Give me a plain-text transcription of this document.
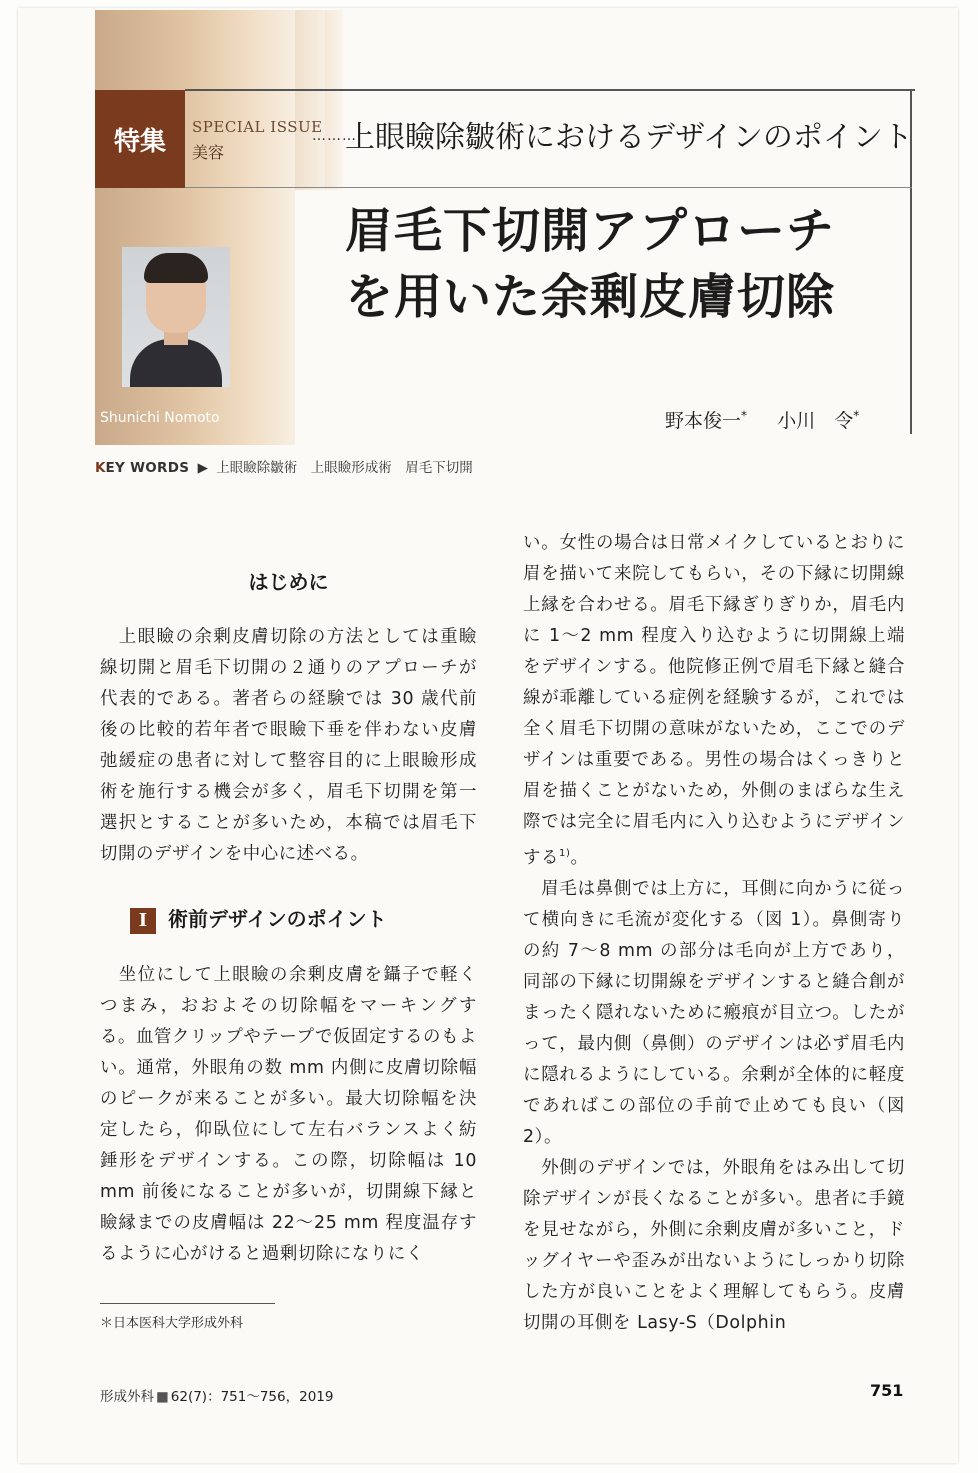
特集	SPECIAL ISSUE
美容
………
上眼瞼除皺術におけるデザインのポイント
眉毛下切開アプローチ
を用いた余剰皮膚切除
Shunichi Nomoto	野本俊一* 小川　令*
KEY WORDS ▶ 上眼瞼除皺術　上眼瞼形成術　眉毛下切開
はじめに

　上眼瞼の余剰皮膚切除の方法としては重瞼線切開と眉毛下切開の２通りのアプローチが代表的である。著者らの経験では 30 歳代前後の比較的若年者で眼瞼下垂を伴わない皮膚弛緩症の患者に対して整容目的に上眼瞼形成術を施行する機会が多く，眉毛下切開を第一選択とすることが多いため，本稿では眉毛下切開のデザインを中心に述べる。

Ⅰ 術前デザインのポイント

　坐位にして上眼瞼の余剰皮膚を鑷子で軽くつまみ，おおよその切除幅をマーキングする。血管クリップやテープで仮固定するのもよい。通常，外眼角の数 mm 内側に皮膚切除幅のピークが来ることが多い。最大切除幅を決定したら，仰臥位にして左右バランスよく紡錘形をデザインする。この際，切除幅は 10 mm 前後になることが多いが，切開線下縁と瞼縁までの皮膚幅は 22〜25 mm 程度温存するように心がけると過剰切除になりにく

い。女性の場合は日常メイクしているとおりに眉を描いて来院してもらい，その下縁に切開線上縁を合わせる。眉毛下縁ぎりぎりか，眉毛内に 1〜2 mm 程度入り込むように切開線上端をデザインする。他院修正例で眉毛下縁と縫合線が乖離している症例を経験するが，これでは全く眉毛下切開の意味がないため，ここでのデザインは重要である。男性の場合はくっきりと眉を描くことがないため，外側のまばらな生え際では完全に眉毛内に入り込むようにデザインする$^{1)}$。

　眉毛は鼻側では上方に，耳側に向かうに従って横向きに毛流が変化する（図 1）。鼻側寄りの約 7〜8 mm の部分は毛向が上方であり，同部の下縁に切開線をデザインすると縫合創がまったく隠れないために瘢痕が目立つ。したがって，最内側（鼻側）のデザインは必ず眉毛内に隠れるようにしている。余剰が全体的に軽度であればこの部位の手前で止めても良い（図 2）。

　外側のデザインでは，外眼角をはみ出して切除デザインが長くなることが多い。患者に手鏡を見せながら，外側に余剰皮膚が多いこと，ドッグイヤーや歪みが出ないようにしっかり切除した方が良いことをよく理解してもらう。皮膚切開の耳側を Lasy-S（Dolphin

＊日本医科大学形成外科
形成外科 ■ 62(7)：751〜756，2019	751
